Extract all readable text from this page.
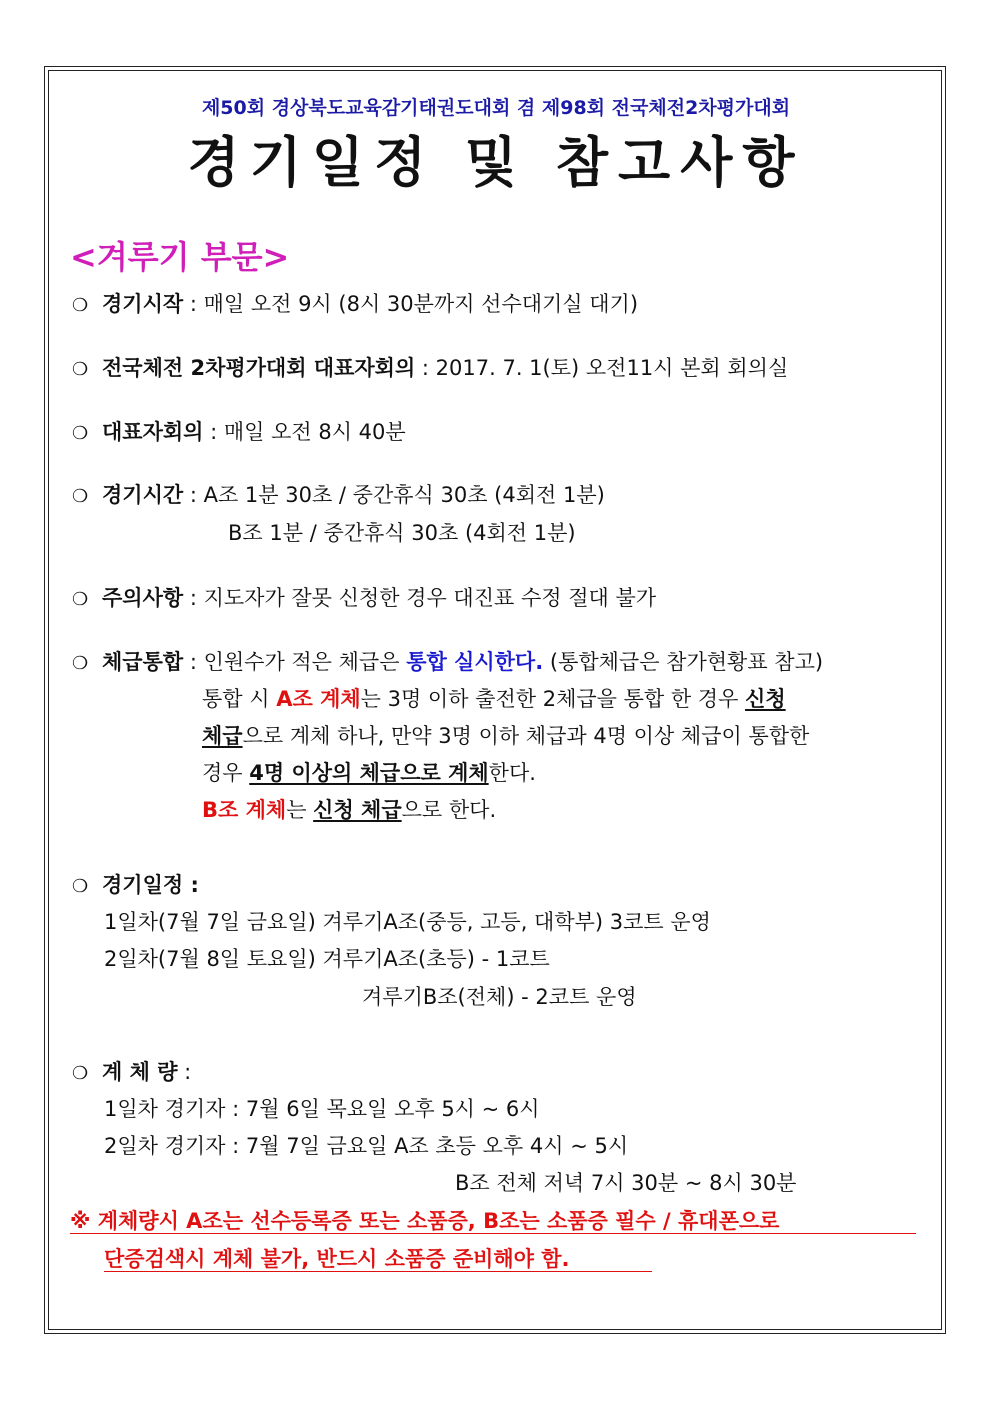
제50회 경상북도교육감기태권도대회 겸 제98회 전국체전2차평가대회
경기일정 및 참고사항
<겨루기 부문>
❍ 경기시작 : 매일 오전 9시 (8시 30분까지 선수대기실 대기)
❍ 전국체전 2차평가대회 대표자회의 : 2017. 7. 1(토) 오전11시 본회 회의실
❍ 대표자회의 : 매일 오전 8시 40분
❍ 경기시간 : A조 1분 30초 / 중간휴식 30초 (4회전 1분)
B조 1분 / 중간휴식 30초 (4회전 1분)
❍ 주의사항 : 지도자가 잘못 신청한 경우 대진표 수정 절대 불가
❍ 체급통합 : 인원수가 적은 체급은 통합 실시한다. (통합체급은 참가현황표 참고)
통합 시 A조 계체는 3명 이하 출전한 2체급을 통합 한 경우 신청
체급으로 계체 하나, 만약 3명 이하 체급과 4명 이상 체급이 통합한
경우 4명 이상의 체급으로 계체한다.
B조 계체는 신청 체급으로 한다.
❍ 경기일정 :
1일차(7월 7일 금요일) 겨루기A조(중등, 고등, 대학부) 3코트 운영
2일차(7월 8일 토요일) 겨루기A조(초등) - 1코트
겨루기B조(전체) - 2코트 운영
❍ 계 체 량 :
1일차 경기자 : 7월 6일 목요일 오후 5시 ~ 6시
2일차 경기자 : 7월 7일 금요일 A조 초등 오후 4시 ~ 5시
B조 전체 저녁 7시 30분 ~ 8시 30분
※ 계체량시 A조는 선수등록증 또는 소품증, B조는 소품증 필수 / 휴대폰으로
단증검색시 계체 불가, 반드시 소품증 준비해야 함.
